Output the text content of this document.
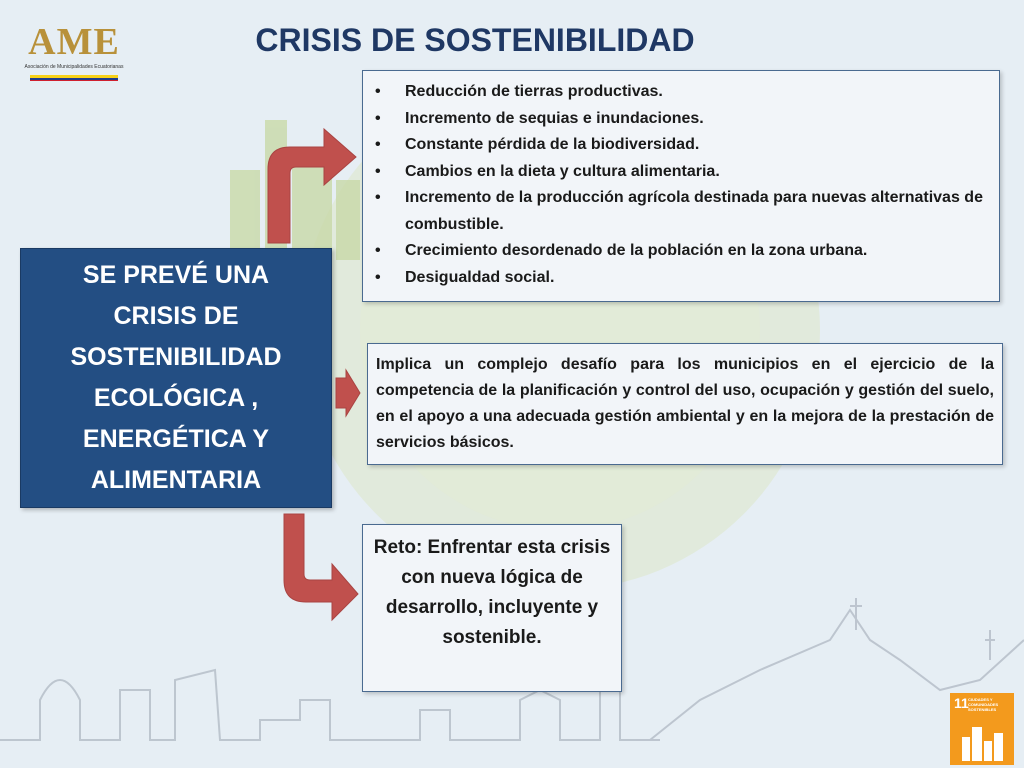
AME
Asociación de Municipalidades Ecuatorianas
CRISIS DE SOSTENIBILIDAD
SE PREVÉ UNA CRISIS DE SOSTENIBILIDAD ECOLÓGICA , ENERGÉTICA Y ALIMENTARIA
• Reducción de tierras productivas.
• Incremento de sequias e inundaciones.
• Constante pérdida de la biodiversidad.
• Cambios en la dieta y cultura alimentaria.
• Incremento de la producción agrícola destinada para nuevas alternativas de combustible.
• Crecimiento desordenado de la población en la zona urbana.
• Desigualdad social.

Implica un complejo desafío para los municipios en el ejercicio de la competencia de la planificación y control del uso, ocupación y gestión del suelo, en el apoyo a una adecuada gestión ambiental y en la mejora de la prestación de servicios básicos.

Reto: Enfrentar esta crisis con nueva lógica de desarrollo, incluyente y sostenible.

11 CIUDADES Y COMUNIDADES SOSTENIBLES
